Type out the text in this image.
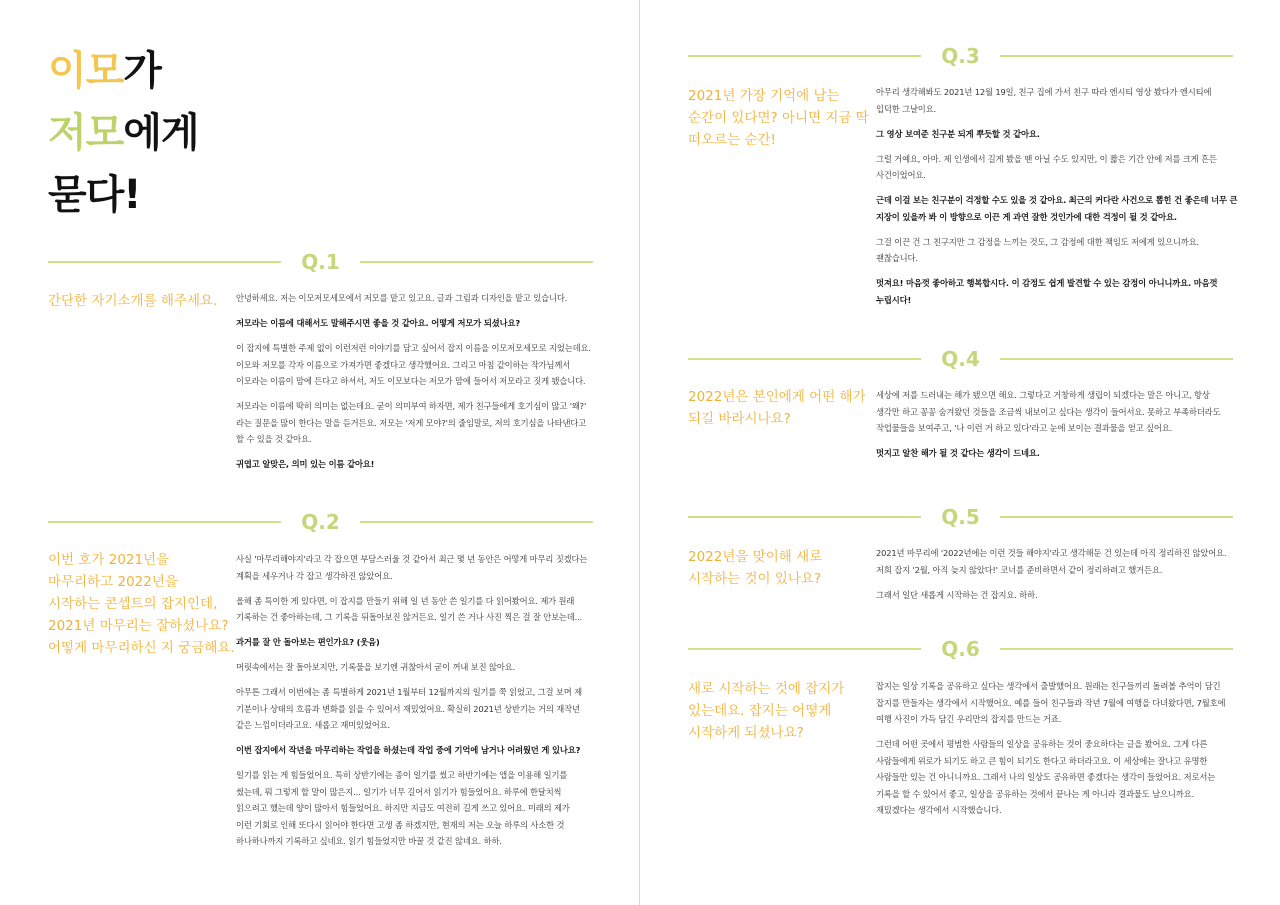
이모가
저모에게
묻다!
Q.1
간단한 자기소개를 해주세요. 안녕하세요. 저는 이모저모세모에서 저모를 맡고 있고요. 글과 그림과 디자인을 맡고 있습니다.

저모라는 이름에 대해서도 말해주시면 좋을 것 같아요. 어떻게 저모가 되셨나요?

이 잡지에 특별한 주제 없이 이런저런 이야기를 담고 싶어서 잡지 이름을 이모저모세모로 지었는데요.
이모와 저모를 각자 이름으로 가져가면 좋겠다고 생각했어요. 그리고 마침 같이하는 작가님께서
이모라는 이름이 맘에 든다고 하셔서, 저도 이모보다는 저모가 맘에 들어서 저모라고 짓게 됐습니다.

저모라는 이름에 딱히 의미는 없는데요. 굳이 의미부여 하자면, 제가 친구들에게 호기심이 많고 '왜?'
라는 질문을 많이 한다는 말을 듣거든요. 저모는 '저게 모야?'의 줄임말로, 저의 호기심을 나타낸다고
할 수 있을 것 같아요.

귀엽고 알맞은, 의미 있는 이름 같아요!

Q.2
이번 호가 2021년을
마무리하고 2022년을
시작하는 콘셉트의 잡지인데,
2021년 마무리는 잘하셨나요?
어떻게 마무리하신 지 궁금해요.

사실 '마무리해야지'라고 각 잡으면 부담스러울 것 같아서 최근 몇 년 동안은 어떻게 마무리 짓겠다는
계획을 세우거나 각 잡고 생각하진 않았어요.

올해 좀 특이한 게 있다면, 이 잡지를 만들기 위해 일 년 동안 쓴 일기를 다 읽어봤어요. 제가 원래
기록하는 건 좋아하는데, 그 기록을 뒤돌아보진 않거든요. 일기 쓴 거나 사진 찍은 걸 잘 안보는데...

과거를 잘 안 돌아보는 편인가요? (웃음)

머릿속에서는 잘 돌아보지만, 기록물을 보기엔 귀찮아서 굳이 꺼내 보진 않아요.

아무튼 그래서 이번에는 좀 특별하게 2021년 1월부터 12월까지의 일기를 쭉 읽었고, 그걸 보며 제
기분이나 상태의 흐름과 변화를 읽을 수 있어서 재밌었어요. 확실히 2021년 상반기는 거의 재작년
같은 느낌이더라고요. 새롭고 재미있었어요.

이번 잡지에서 작년을 마무리하는 작업을 하셨는데 작업 중에 기억에 남거나 어려웠던 게 있나요?

일기를 읽는 게 힘들었어요. 특히 상반기에는 종이 일기를 썼고 하반기에는 앱을 이용해 일기를
썼는데, 뭐 그렇게 할 말이 많은지... 일기가 너무 길어서 읽기가 힘들었어요. 하루에 한달치씩
읽으려고 했는데 양이 많아서 힘들었어요. 하지만 지금도 여전히 길게 쓰고 있어요. 미래의 제가
이런 기회로 인해 또다시 읽어야 한다면 고생 좀 하겠지만, 현재의 저는 오늘 하루의 사소한 것
하나하나까지 기록하고 싶네요. 읽기 힘들었지만 바꿀 것 같진 않네요. 하하.

Q.3
2021년 가장 기억에 남는
순간이 있다면? 아니면 지금 딱
떠오르는 순간!

아무리 생각해봐도 2021년 12월 19일, 친구 집에 가서 친구 따라 엔시티 영상 봤다가 엔시티에
입덕한 그날이요.

그 영상 보여준 친구분 되게 뿌듯할 것 같아요.

그럴 거예요, 아마. 제 인생에서 길게 봤을 땐 아닐 수도 있지만, 이 짧은 기간 안에 저를 크게 흔든
사건이었어요.

근데 이걸 보는 친구분이 걱정할 수도 있을 것 같아요. 최근의 커다란 사건으로 뽑힌 건 좋은데 너무 큰
지장이 있을까 봐 이 방향으로 이끈 게 과연 잘한 것인가에 대한 걱정이 될 것 같아요.

그걸 이끈 건 그 친구지만 그 감정을 느끼는 것도, 그 감정에 대한 책임도 저에게 있으니까요.
괜찮습니다.

멋져요! 마음껏 좋아하고 행복합시다. 이 감정도 쉽게 발견할 수 있는 감정이 아니니까요. 마음껏
누립시다!

Q.4
2022년은 본인에게 어떤 해가
되길 바라시나요?

세상에 저를 드러내는 해가 됐으면 해요. 그렇다고 거창하게 생립이 되겠다는 말은 아니고, 항상
생각만 하고 꽁꽁 숨겨왔던 것들을 조금씩 내보이고 싶다는 생각이 들어서요. 못하고 부족하더라도
작업물들을 보여주고, '나 이런 거 하고 있다'라고 눈에 보이는 결과물을 얻고 싶어요.

멋지고 알찬 해가 될 것 같다는 생각이 드네요.

Q.5
2022년을 맞이해 새로
시작하는 것이 있나요?

2021년 마무리에 '2022년에는 이런 것들 해야지'라고 생각해둔 건 있는데 아직 정리하진 않았어요.
저희 잡지 '2월, 아직 늦지 않았다!' 코너를 준비하면서 같이 정리하려고 했거든요.

그래서 일단 새롭게 시작하는 건 잡지요. 하하.

Q.6
새로 시작하는 것에 잡지가
있는데요. 잡지는 어떻게
시작하게 되셨나요?

잡지는 일상 기록을 공유하고 싶다는 생각에서 출발했어요. 원래는 친구들끼리 돌려볼 추억이 담긴
잡지를 만들자는 생각에서 시작했어요. 예를 들어 친구들과 작년 7월에 여행을 다녀왔다면, 7월호에
여행 사진이 가득 담긴 우리만의 잡지를 만드는 거죠.

그런데 어떤 곳에서 평범한 사람들의 일상을 공유하는 것이 중요하다는 글을 봤어요. 그게 다른
사람들에게 위로가 되기도 하고 큰 힘이 되기도 한다고 하더라고요. 이 세상에는 잘나고 유명한
사람들만 있는 건 아니니까요. 그래서 나의 일상도 공유하면 좋겠다는 생각이 들었어요. 저로서는
기록을 할 수 있어서 좋고, 일상을 공유하는 것에서 끝나는 게 아니라 결과물도 남으니까요.
재밌겠다는 생각에서 시작했습니다.
